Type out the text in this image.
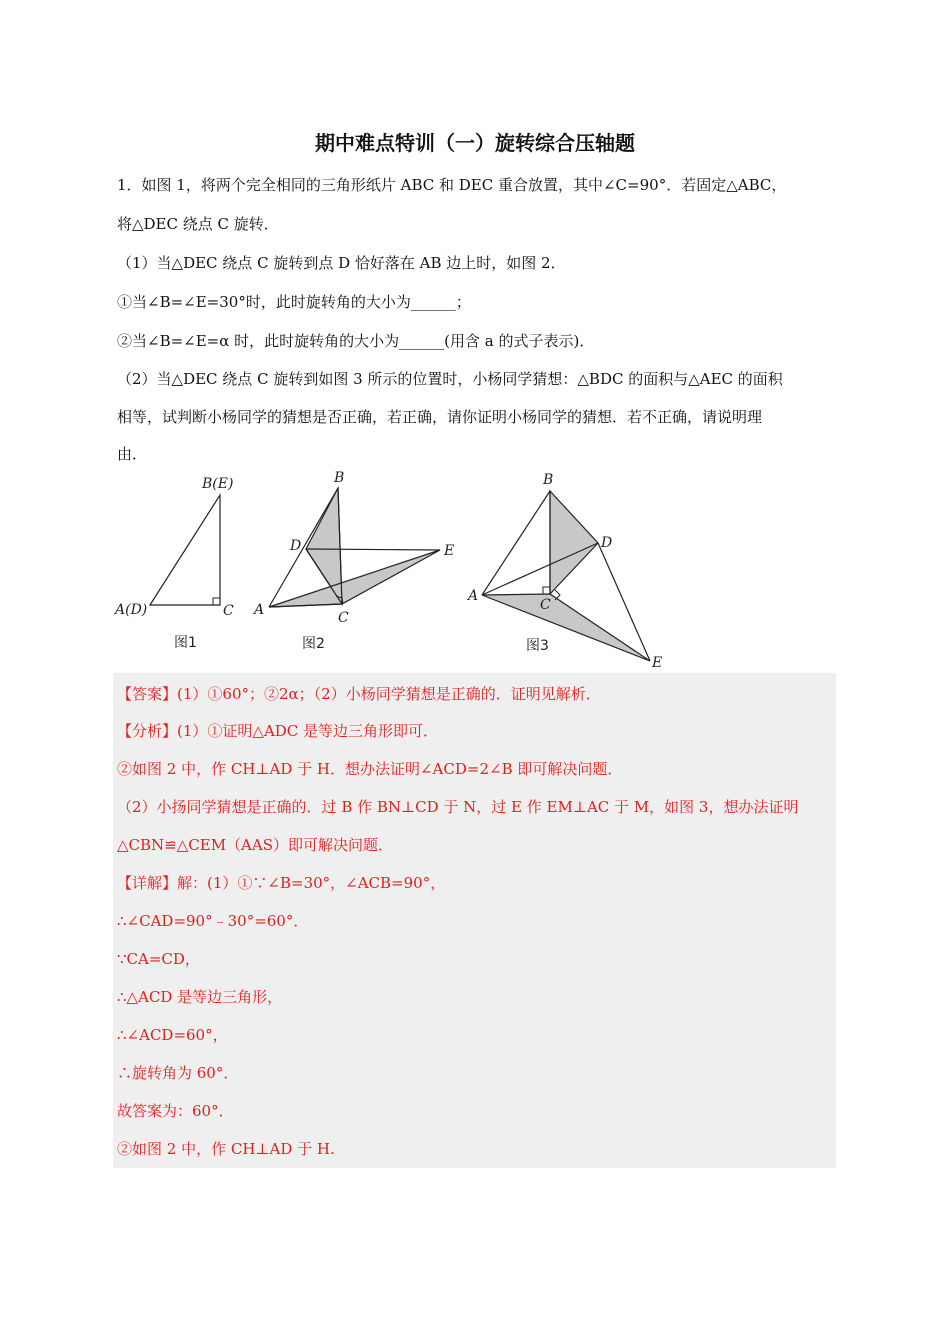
期中难点特训（一）旋转综合压轴题
1．如图 1，将两个完全相同的三角形纸片 ABC 和 DEC 重合放置，其中∠C=90°．若固定△ABC，
将△DEC 绕点 C 旋转．
（1）当△DEC 绕点 C 旋转到点 D 恰好落在 AB 边上时，如图 2．
①当∠B=∠E=30°时，此时旋转角的大小为______；
②当∠B=∠E=α 时，此时旋转角的大小为______(用含 a 的式子表示)．
（2）当△DEC 绕点 C 旋转到如图 3 所示的位置时，小杨同学猜想：△BDC 的面积与△AEC 的面积
相等，试判断小杨同学的猜想是否正确，若正确，请你证明小杨同学的猜想．若不正确，请说明理
由．
B(E)
A(D)	C
图1
B
D	E
A	C
图2
B
D
A
C
E
图3
【答案】(1）①60°；②2α；（2）小杨同学猜想是正确的．证明见解析．
【分析】(1）①证明△ADC 是等边三角形即可．
②如图 2 中，作 CH⊥AD 于 H．想办法证明∠ACD=2∠B 即可解决问题．
（2）小扬同学猜想是正确的．过 B 作 BN⊥CD 于 N，过 E 作 EM⊥AC 于 M，如图 3，想办法证明
△CBN≌△CEM（AAS）即可解决问题．
【详解】解：(1）①∵∠B=30°，∠ACB=90°，
∴∠CAD=90°﹣30°=60°．
∵CA=CD，
∴△ACD 是等边三角形，
∴∠ACD=60°，
∴旋转角为 60°．
故答案为：60°．
②如图 2 中，作 CH⊥AD 于 H.
